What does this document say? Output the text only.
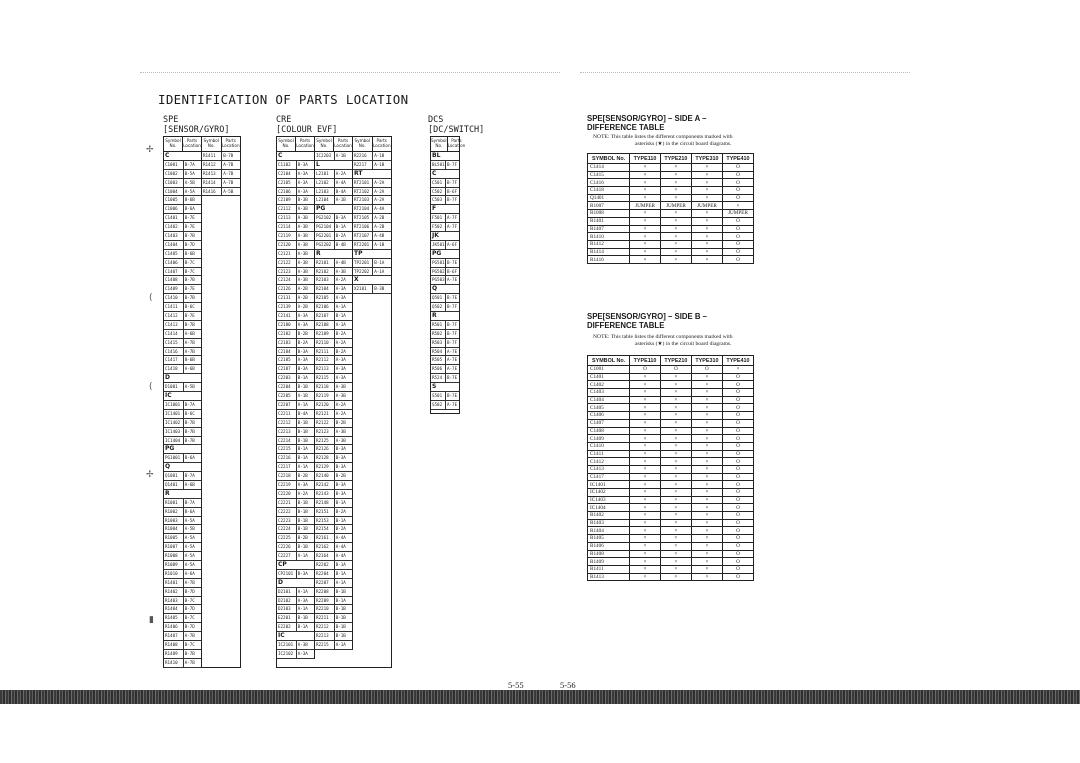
IDENTIFICATION OF PARTS LOCATION
SPE
[SENSOR/GYRO]
CRE
[COLOUR EVF]
DCS
[DC/SWITCH]
Symbol No.
Parts Location
C
C1001	B-7A
C1002	B-5A
C1003	A-5B
C1004	A-5A
C1005	B-6B
C1006	B-6A
C1401	B-7E
C1402	B-7E
C1403	B-7B
C1404	B-7D
C1405	B-6B
C1406	B-7C
C1407	B-7C
C1408	B-7B
C1409	B-7E
C1410	B-7B
C1411	B-6C
C1412	B-7E
C1413	B-7B
C1414	A-6B
C1415	A-7B
C1416	A-7B
C1417	B-6B
C1418	A-6B
D
D1001	A-5B
IC
IC1001	B-7A
IC1401	B-6C
IC1402	B-7B
IC1403	B-7B
IC1404	B-7B
PG
PG1001	B-6A
Q
Q1001	B-7A
Q1401	A-6B
R
R1001	B-7A
R1002	B-6A
R1003	A-5A
R1004	A-5B
R1005	A-5A
R1007	A-5A
R1008	A-5A
R1009	A-5A
R1010	A-6A
R1401	A-7B
R1402	B-7D
R1403	B-7C
R1404	B-7D
R1405	B-7C
R1406	B-7D
R1407	A-7B
R1408	B-7C
R1409	B-7B
R1410	A-7B
Symbol No.
Parts Location
R1411	B-7B
R1412	A-7B
R1413	A-7B
R1414	A-7B
R1416	A-5B
Symbol No.
Parts Location
C
C1102	B-3A
C2104	A-3A
C2105	A-3A
C2106	A-3A
C2109	B-3B
C2112	A-3B
C2113	A-3B
C2114	A-3B
C2119	A-3B
C2120	A-3B
C2121	A-3B
C2122	A-3B
C2123	A-3B
C2124	A-3B
C2126	A-2B
C2131	A-2B
C2139	A-2B
C2141	A-3A
C2180	A-3A
C2182	B-2B
C2183	B-2A
C2184	B-3A
C2185	A-3A
C2187	B-3A
C2203	B-1A
C2204	B-1B
C2205	A-1B
C2207	A-1A
C2211	B-4A
C2212	B-1B
C2213	B-1B
C2214	B-1B
C2215	B-1A
C2216	B-1A
C2217	A-1A
C2218	B-2B
C2219	A-3A
C2220	A-2A
C2221	B-1B
C2222	B-1B
C2223	B-1B
C2224	B-1B
C2225	B-2B
C2226	B-1B
C2227	A-1A
CP
CP2101	B-3A
D
D2101	A-1A
D2102	A-3A
D2103	A-1A
E2201	B-1B
E2202	B-1A
IC
IC2101	A-3B
IC2102	A-3A
Symbol No.
Parts Location
IC2203	A-1B
L
L2101	A-2A
L2102	A-4A
L2103	B-4A
L2104	A-1B
PG
PG2102	B-3A
PG2104	B-1A
PG2201	B-2A
PG2202	B-4B
R
R2101	A-4B
R2102	A-3B
R2103	A-2A
R2104	A-3A
R2105	A-3A
R2106	A-1A
R2107	B-1A
R2108	A-1A
R2109	B-2A
R2110	A-2A
R2111	B-2A
R2112	A-3A
R2113	A-3A
R2115	A-3A
R2118	A-3B
R2119	A-3B
R2120	A-2A
R2121	A-2A
R2122	B-2B
R2123	A-3B
R2125	A-3B
R2126	B-3A
R2128	B-3A
R2129	B-3A
R2140	B-2B
R2142	B-3A
R2143	B-3A
R2148	B-1A
R2151	B-2A
R2153	B-1A
R2154	B-2A
R2161	A-4A
R2162	A-4A
R2164	A-4A
R2202	B-1A
R2204	B-1A
R2207	A-1A
R2208	B-1B
R2209	B-1A
R2210	B-1B
R2211	B-1B
R2212	B-1B
R2213	B-1B
R2215	A-1A
Symbol No.
Parts Location
R2216	A-1B
R2217	A-1B
RT
RT2101	A-2A
RT2102	A-2A
RT2103	A-2A
RT2104	A-4A
RT2105	A-2B
RT2106	A-2B
RT2107	A-4B
RT2201	A-1B
TP
TP2201	B-1A
TP2202	A-1A
X
X2101	B-3B
Symbol No.
Parts Location
BL
BL501 B-7F
C
C501	B-7F
C502	B-6F
C503	B-7F
F
F501	A-7F
F502	A-7F
JK
JK501 A-6F
PG
PG501 B-7E
PG502 B-6F
PG503 A-7E
Q
Q501	B-7E
Q502	B-7F
R
R501	B-7F
R502	B-7F
R503	B-7F
R504	A-7E
R505	A-7E
R506	A-7E
R524	B-7E
S
S501	B-7E
S502	A-7E
SPE[SENSOR/GYRO] – SIDE A –
DIFFERENCE TABLE
NOTE: This table listes the different components marked with
asterisks (★) in the circuit board diagrams.
SYMBOL No.	TYPE110	TYPE210	TYPE310	TYPE410
C1414	×	×	×	O
C1415	×	×	×	O
C1416	×	×	×	O
C1418	×	×	×	O
Q1401	×	×	×	O
R1007	JUMPER	JUMPER	JUMPER	×
R1008	×	×	×	JUMPER
R1401	×	×	×	O
R1407	×	×	×	O
R1410	×	×	×	O
R1412	×	×	×	O
R1414	×	×	×	O
R1416	×	×	×	O
SPE[SENSOR/GYRO] – SIDE B –
DIFFERENCE TABLE
NOTE: This table listes the different components marked with
asterisks (★) in the circuit board diagrams.
SYMBOL No.	TYPE110	TYPE210	TYPE310	TYPE410
C1001	O	O	O	×
C1401	×	×	×	O
C1402	×	×	×	O
C1403	×	×	×	O
C1404	×	×	×	O
C1405	×	×	×	O
C1406	×	×	×	O
C1407	×	×	×	O
C1408	×	×	×	O
C1409	×	×	×	O
C1410	×	×	×	O
C1411	×	×	×	O
C1412	×	×	×	O
C1413	×	×	×	O
C1417	×	×	×	O
IC1401	×	×	×	O
IC1402	×	×	×	O
IC1403	×	×	×	O
IC1404	×	×	×	O
R1402	×	×	×	O
R1403	×	×	×	O
R1404	×	×	×	O
R1405	×	×	×	O
R1406	×	×	×	O
R1408	×	×	×	O
R1409	×	×	×	O
R1411	×	×	×	O
R1413	×	×	×	O
5-55	5-56
✢
✢
(
(
▮
